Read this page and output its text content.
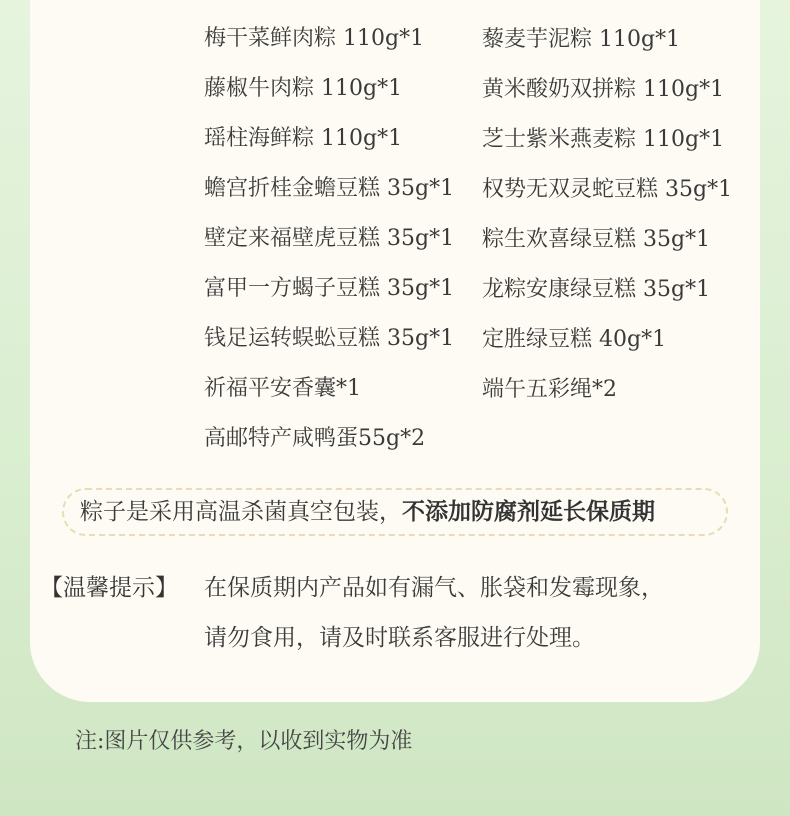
梅干菜鲜肉粽 110g*1
藤椒牛肉粽 110g*1
瑶柱海鲜粽 110g*1
蟾宫折桂金蟾豆糕 35g*1
壁定来福壁虎豆糕 35g*1
富甲一方蝎子豆糕 35g*1
钱足运转蜈蚣豆糕 35g*1
祈福平安香囊*1
高邮特产咸鸭蛋55g*2
藜麦芋泥粽 110g*1
黄米酸奶双拼粽 110g*1
芝士紫米燕麦粽 110g*1
权势无双灵蛇豆糕 35g*1
粽生欢喜绿豆糕 35g*1
龙粽安康绿豆糕 35g*1
定胜绿豆糕 40g*1
端午五彩绳*2
粽子是采用高温杀菌真空包装，不添加防腐剂延长保质期
【温馨提示】 在保质期内产品如有漏气、胀袋和发霉现象，
请勿食用，请及时联系客服进行处理。
注:图片仅供参考，以收到实物为准
